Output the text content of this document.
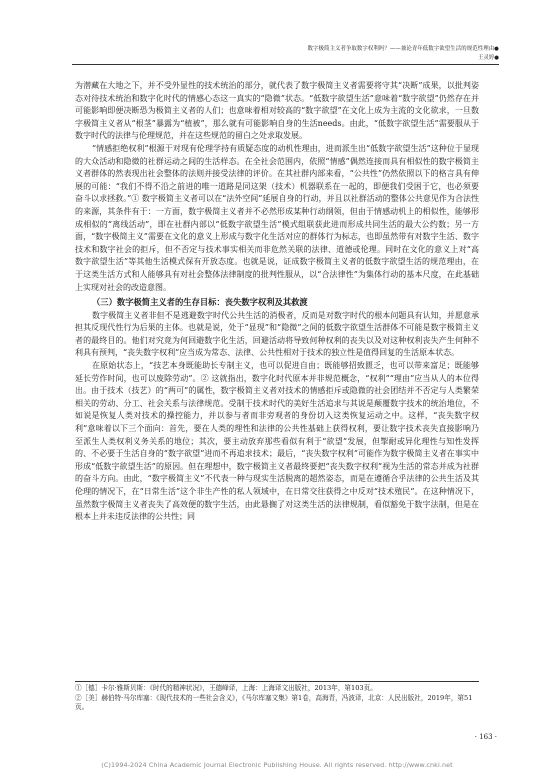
数字极简主义者争取数字权利吗？——兼论青年低数字欲望生活的规范性理由●
王灵婷●

为潜藏在大地之下，并不受外显性的技术统治的部分，就代表了数字极简主义者需要将守其“决断”成果，以批判姿态对待技术统治和数字化时代的情感心态这一真实的“隐微”状态。“低数字欲望生活”意味着“数字欲望”仍然存在并可能影响即便决断恐为极简主义者的人们；也意味着相对较高的“数字欲望”在文化上成为主流的文化欲求，一旦数字极简主义者从“根茎”暴露为“植被”，那么就有可能影响自身的生活needs。由此，“低数字欲望生活”需要服从于数字时代的法律与伦理规范，并在这些规范的留白之处求取发展。

“情感拒绝权利”根源于对现有伦理学持有质疑态度的动机性理由，进而派生出“低数字欲望生活”这种位于显现的大众活动和隐微的社群运动之间的生活样态。在全社会范围内，依照“情感”偶然连接而具有相似性的数字极简主义者群体的然表现出社会整体的法则并接受法律的评价。在其社群内部来看，“公共性”仍然依照以下的格言具有伸展的可能：“我们不得不沿之前进的唯一道路是同这架（技术）机器联系在一起的，即便我们受困于它，也必须要奋斗以求拯救。”① 数字极简主义者可以在“法外空间”延展自身的行动，并且以社群活动的整体公共意见作为合法性的来源，其条件有于：一方面，数字极简主义者并不必然形成某种行动纲领，但由于情感动机上的相似性，能够形成相似的“离线活动”，即在社群内部以“低数字欲望生活”模式组联获此进而形成共同生活的最大公约数；另一方面，“数字极简主义”需要在文化的意义上形成与数字化生活对应的群体行为标志，也即虽然带有对数字生活、数字技术和数字社会的拒斥，但不否定与技术事实相关而非危然关联的法律、道德或伦理。同时在文化的意义上对“高数字欲望生活”等其他生活模式保有开放态度。也就是说，证成数字极简主义者的低数字欲望生活的规范理由，在于这类生活方式和人能够具有对社会整体法律制度的批判性服从，以“合法律性”为集体行动的基本尺度，在此基础上实现对社会的改造意图。

（三）数字极简主义者的生存目标：丧失数字权利及其救渡

数字极简主义者非但不是逃避数字时代公共生活的消极者，反而是对数字时代的根本问题具有认知，并愿意承担其反现代性行为后果的主体。也就是说，处于“显现”和“隐微”之间的低数字欲望生活群体不可能是数字极简主义者的最终目的。他们对究竟为何回避数字化生活，回避活动将导致何种权利的丧失以及对这种权利丧失产生何种不利具有预判，“丧失数字权利”应当成为常态、法律、公共性相对于技术的独立性是值得回复的生活原本状态。

在原始状态上，“技艺本身既能助长专制主义，也可以促进自由；既能够招致匮乏，也可以带来富足；既能够延长劳作时间，也可以废除劳动”。② 这就指出，数字化时代原本并非规范概念，“权利”“理由”应当从人的本位得出。由于技术（技艺）的“两可”的属性，数字极简主义者对技术的情感拒斥或隐微的社会团结并不否定与人类繁荣相关的劳动、分工、社会关系与法律规范。受制于技术时代的美好生活追求与其说是颠覆数字技术的统治地位，不如说是恢复人类对技术的操控能力，并以参与者而非旁观者的身份切入这类恢复运动之中。这样，“丧失数字权利”意味着以下三个面向：首先，要在人类的理性和法律的公共性基础上获得权利，要让数字技术丧失直接影响乃至派生人类权利义务关系的地位；其次，要主动放弃那些看似有利于“欲望”发展，但掣耐或异化理性与知性发挥的、不必要于生活自身的“数字欲望”进而不再追求技术；最后，“丧失数字权利”可能作为数字极简主义者在事实中形成“低数字欲望生活”的原因。但在理想中，数字极简主义者最终要把“丧失数字权利”视为生活的常态并成为社群的奋斗方向。由此，“数字极简主义”不代表一种与现实生活脱离的超然姿态，而是在遵循合乎法律的公共生活及其伦理的情况下，在“日常生活”这个非生产性的私人领域中，在日常交往获得之中反对“技术殖民”。在这种情况下，虽然数字极简主义者丧失了高效便的数字生活，由此悬搁了对这类生活的法律规制，看似豁免于数字法制，但是在根本上并未违反法律的公共性；同

①［德］卡尔·雅斯贝斯：《时代的精神状况》，王德峰译，上海：上海译文出版社，2013年，第103页。
②［美］赫伯特·马尔库塞：《现代技术的一些社会含义》，《马尔库塞文集》第1卷，高海青，冯波译，北京：人民出版社，2019年，第51页。
· 163 ·
(C)1994-2024 China Academic Journal Electronic Publishing House. All rights reserved. http://www.cnki.net
